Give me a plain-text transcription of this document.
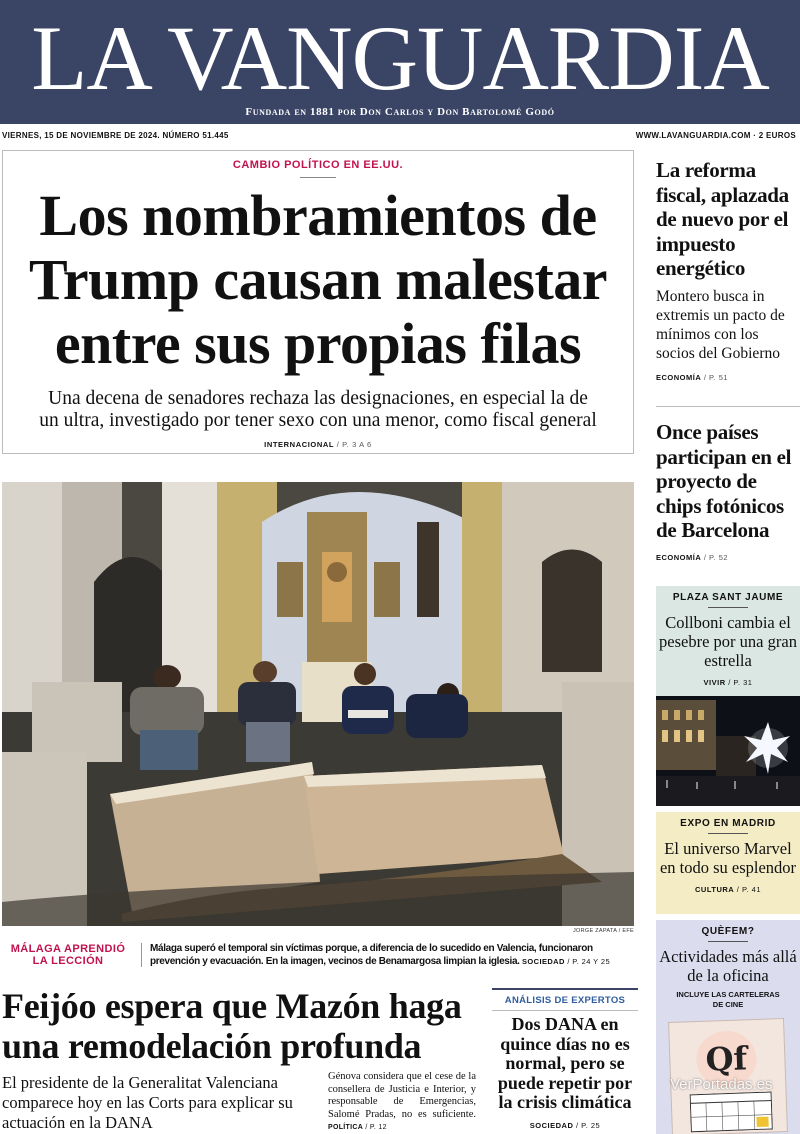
LA VANGUARDIA
Fundada en 1881 por Don Carlos y Don Bartolomé Godó
VIERNES, 15 DE NOVIEMBRE DE 2024. NÚMERO 51.445	WWW.LAVANGUARDIA.COM · 2 EUROS
CAMBIO POLÍTICO EN EE.UU.
Los nombramientos de
Trump causan malestar
entre sus propias filas
Una decena de senadores rechaza las designaciones, en especial la de
un ultra, investigado por tener sexo con una menor, como fiscal general
INTERNACIONAL / P. 3 A 6
La reforma fiscal, aplazada de nuevo por el impuesto energético
Montero busca in extremis un pacto de mínimos con los socios del Gobierno
ECONOMÍA / P. 51
Once países participan en el proyecto de chips fotónicos de Barcelona
ECONOMÍA / P. 52
PLAZA SANT JAUME
Collboni cambia el pesebre por una gran estrella
VIVIR / P. 31
EXPO EN MADRID
El universo Marvel en todo su esplendor
CULTURA / P. 41
QUÈFEM?
Actividades más allá de la oficina
INCLUYE LAS CARTELERAS DE CINE
Qf
JORGE ZAPATA / EFE
MÁLAGA APRENDIÓ LA LECCIÓN
Málaga superó el temporal sin víctimas porque, a diferencia de lo sucedido en Valencia, funcionaron prevención y evacuación. En la imagen, vecinos de Benamargosa limpian la iglesia. SOCIEDAD / P. 24 Y 25
Feijóo espera que Mazón haga una remodelación profunda
El presidente de la Generalitat Valenciana comparece hoy en las Corts para explicar su actuación en la DANA
Génova considera que el cese de la consellera de Justicia e Interior, y responsable de Emergencias, Salomé Pradas, no es suficiente. POLÍTICA / P. 12
ANÁLISIS DE EXPERTOS
Dos DANA en quince días no es normal, pero se puede repetir por la crisis climática
SOCIEDAD / P. 25
VerPortadas.es
